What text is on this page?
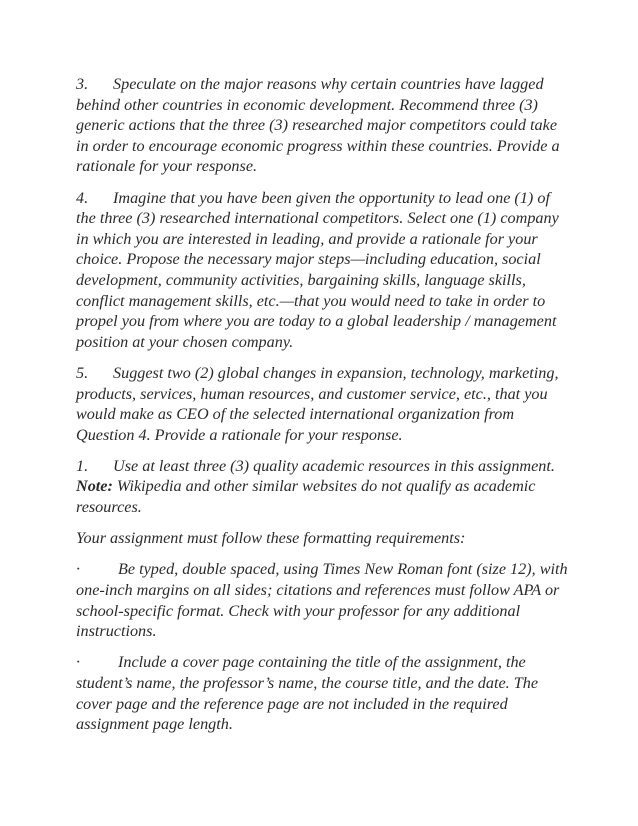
3. Speculate on the major reasons why certain countries have lagged behind other countries in economic development. Recommend three (3) generic actions that the three (3) researched major competitors could take in order to encourage economic progress within these countries. Provide a rationale for your response.

4. Imagine that you have been given the opportunity to lead one (1) of the three (3) researched international competitors. Select one (1) company in which you are interested in leading, and provide a rationale for your choice. Propose the necessary major steps—including education, social development, community activities, bargaining skills, language skills, conflict management skills, etc.—that you would need to take in order to propel you from where you are today to a global leadership / management position at your chosen company.

5. Suggest two (2) global changes in expansion, technology, marketing, products, services, human resources, and customer service, etc., that you would make as CEO of the selected international organization from Question 4. Provide a rationale for your response.

1. Use at least three (3) quality academic resources in this assignment. Note: Wikipedia and other similar websites do not qualify as academic resources.

Your assignment must follow these formatting requirements:

· Be typed, double spaced, using Times New Roman font (size 12), with one-inch margins on all sides; citations and references must follow APA or school-specific format. Check with your professor for any additional instructions.

· Include a cover page containing the title of the assignment, the student’s name, the professor’s name, the course title, and the date. The cover page and the reference page are not included in the required assignment page length.
